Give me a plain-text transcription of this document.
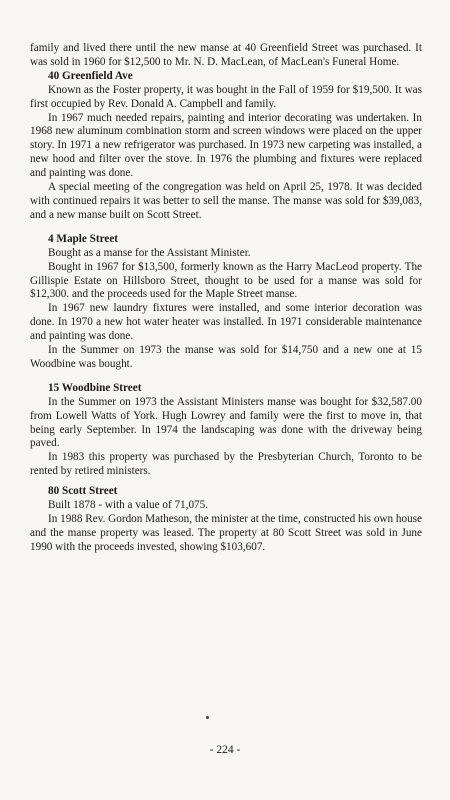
family and lived there until the new manse at 40 Greenfield Street was purchased. It was sold in 1960 for $12,500 to Mr. N. D. MacLean, of MacLean's Funeral Home.

40 Greenfield Ave

Known as the Foster property, it was bought in the Fall of 1959 for $19,500. It was first occupied by Rev. Donald A. Campbell and family.

In 1967 much needed repairs, painting and interior decorating was undertaken. In 1968 new aluminum combination storm and screen windows were placed on the upper story. In 1971 a new refrigerator was purchased. In 1973 new carpeting was installed, a new hood and filter over the stove. In 1976 the plumbing and fixtures were replaced and painting was done.

A special meeting of the congregation was held on April 25, 1978. It was decided with continued repairs it was better to sell the manse. The manse was sold for $39,083, and a new manse built on Scott Street.

4 Maple Street

Bought as a manse for the Assistant Minister.

Bought in 1967 for $13,500, formerly known as the Harry MacLeod property. The Gillispie Estate on Hillsboro Street, thought to be used for a manse was sold for $12,300. and the proceeds used for the Maple Street manse.

In 1967 new laundry fixtures were installed, and some interior decoration was done. In 1970 a new hot water heater was installed. In 1971 considerable maintenance and painting was done.

In the Summer on 1973 the manse was sold for $14,750 and a new one at 15 Woodbine was bought.

15 Woodbine Street

In the Summer on 1973 the Assistant Ministers manse was bought for $32,587.00 from Lowell Watts of York. Hugh Lowrey and family were the first to move in, that being early September. In 1974 the landscaping was done with the driveway being paved.

In 1983 this property was purchased by the Presbyterian Church, Toronto to be rented by retired ministers.

80 Scott Street

Built 1878 - with a value of 71,075.

In 1988 Rev. Gordon Matheson, the minister at the time, constructed his own house and the manse property was leased. The property at 80 Scott Street was sold in June 1990 with the proceeds invested, showing $103,607.

- 224 -
